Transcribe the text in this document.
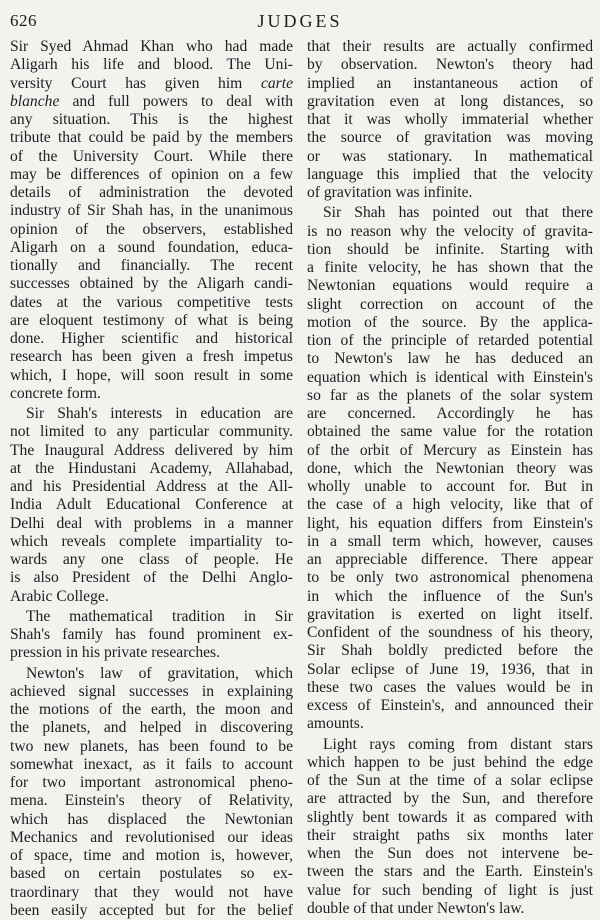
626	JUDGES
Sir Syed Ahmad Khan who had made
Aligarh his life and blood. The Uni-
versity Court has given him carte
blanche and full powers to deal with
any situation. This is the highest
tribute that could be paid by the members
of the University Court. While there
may be differences of opinion on a few
details of administration the devoted
industry of Sir Shah has, in the unanimous
opinion of the observers, established
Aligarh on a sound foundation, educa-
tionally and financially. The recent
successes obtained by the Aligarh candi-
dates at the various competitive tests
are eloquent testimony of what is being
done. Higher scientific and historical
research has been given a fresh impetus
which, I hope, will soon result in some
concrete form.
Sir Shah's interests in education are
not limited to any particular community.
The Inaugural Address delivered by him
at the Hindustani Academy, Allahabad,
and his Presidential Address at the All-
India Adult Educational Conference at
Delhi deal with problems in a manner
which reveals complete impartiality to-
wards any one class of people. He
is also President of the Delhi Anglo-
Arabic College.
The mathematical tradition in Sir
Shah's family has found prominent ex-
pression in his private researches.
Newton's law of gravitation, which
achieved signal successes in explaining
the motions of the earth, the moon and
the planets, and helped in discovering
two new planets, has been found to be
somewhat inexact, as it fails to account
for two important astronomical pheno-
mena. Einstein's theory of Relativity,
which has displaced the Newtonian
Mechanics and revolutionised our ideas
of space, time and motion is, however,
based on certain postulates so ex-
traordinary that they would not have
been easily accepted but for the belief
that their results are actually confirmed
by observation. Newton's theory had
implied an instantaneous action of
gravitation even at long distances, so
that it was wholly immaterial whether
the source of gravitation was moving
or was stationary. In mathematical
language this implied that the velocity
of gravitation was infinite.
Sir Shah has pointed out that there
is no reason why the velocity of gravita-
tion should be infinite. Starting with
a finite velocity, he has shown that the
Newtonian equations would require a
slight correction on account of the
motion of the source. By the applica-
tion of the principle of retarded potential
to Newton's law he has deduced an
equation which is identical with Einstein's
so far as the planets of the solar system
are concerned. Accordingly he has
obtained the same value for the rotation
of the orbit of Mercury as Einstein has
done, which the Newtonian theory was
wholly unable to account for. But in
the case of a high velocity, like that of
light, his equation differs from Einstein's
in a small term which, however, causes
an appreciable difference. There appear
to be only two astronomical phenomena
in which the influence of the Sun's
gravitation is exerted on light itself.
Confident of the soundness of his theory,
Sir Shah boldly predicted before the
Solar eclipse of June 19, 1936, that in
these two cases the values would be in
excess of Einstein's, and announced their
amounts.
Light rays coming from distant stars
which happen to be just behind the edge
of the Sun at the time of a solar eclipse
are attracted by the Sun, and therefore
slightly bent towards it as compared with
their straight paths six months later
when the Sun does not intervene be-
tween the stars and the Earth. Einstein's
value for such bending of light is just
double of that under Newton's law.
